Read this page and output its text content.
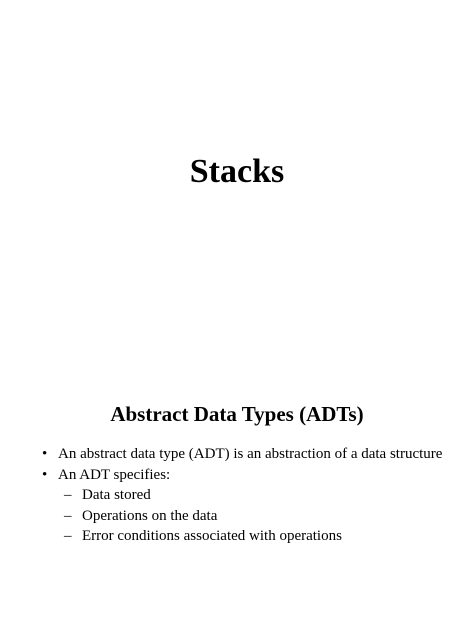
Stacks
Abstract Data Types (ADTs)
• An abstract data type (ADT) is an abstraction of a data structure
• An ADT specifies:
– Data stored
– Operations on the data
– Error conditions associated with operations
